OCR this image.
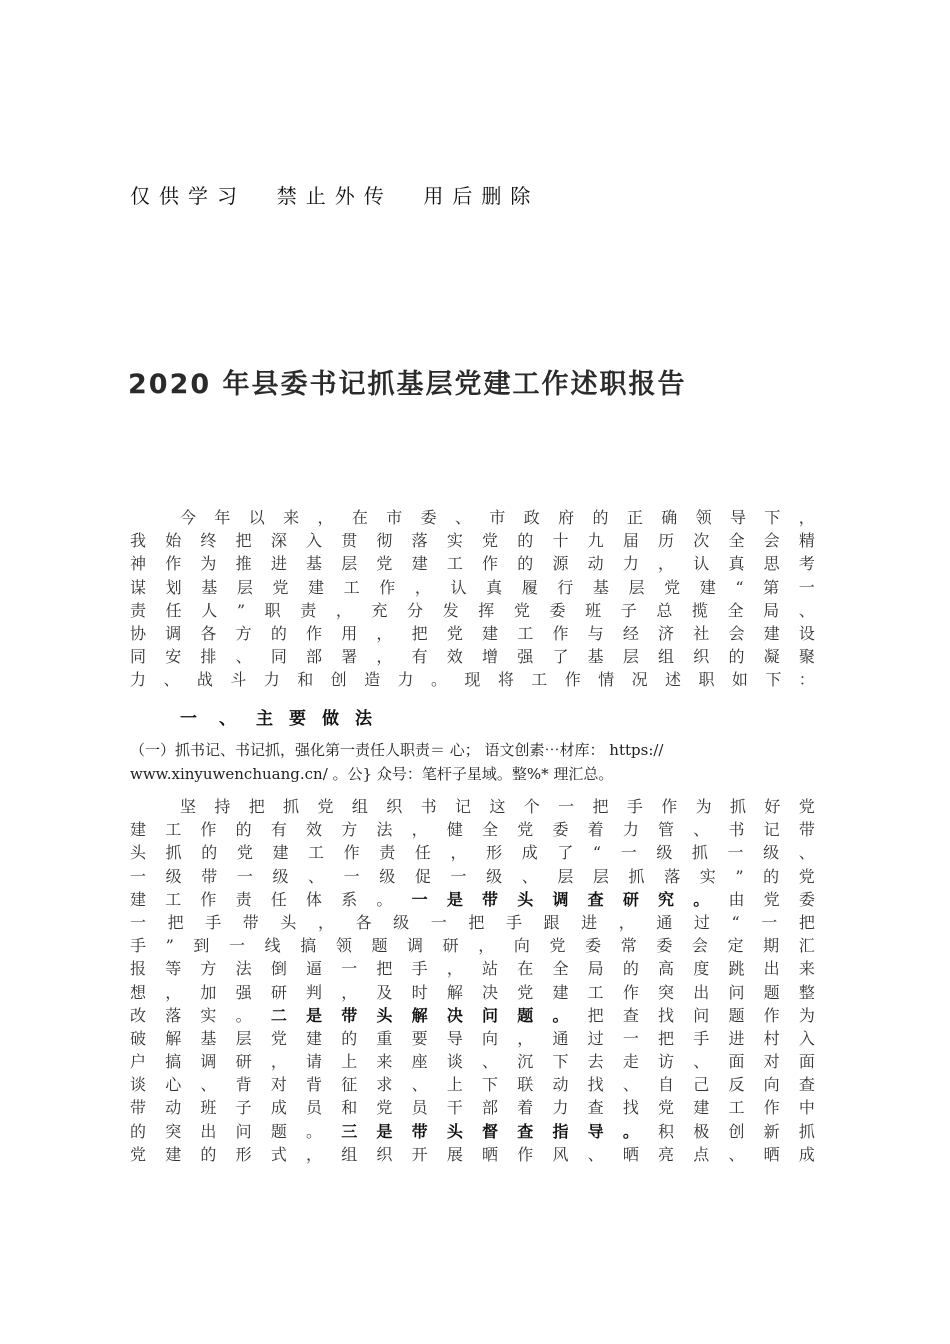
仅供学习  禁止外传  用后删除
2020 年县委书记抓基层党建工作述职报告
今 年 以 来 ， 在 市 委 、 市 政 府 的 正 确 领 导 下 ，
我 始 终 把 深 入 贯 彻 落 实 党 的 十 九 届 历 次 全 会 精
神 作 为 推 进 基 层 党 建 工 作 的 源 动 力 ， 认 真 思 考
谋 划 基 层 党 建 工 作 ， 认 真 履 行 基 层 党 建 “ 第 一
责 任 人 ” 职 责 ， 充 分 发 挥 党 委 班 子 总 揽 全 局 、
协 调 各 方 的 作 用 ， 把 党 建 工 作 与 经 济 社 会 建 设
同 安 排 、 同 部 署 ， 有 效 增 强 了 基 层 组 织 的 凝 聚
力 、 战 斗 力 和 创 造 力 。 现 将 工 作 情 况 述 职 如 下 ：
一 、 主 要 做 法

（一）抓书记、书记抓，强化第一责任人职责＝ 心； 语文创素⋯材库： https://

www.xinyuwenchuang.cn/ 。公} 众号：笔杆子星域。整%* 理汇总。

坚 持 把 抓 党 组 织 书 记 这 个 一 把 手 作 为 抓 好 党
建 工 作 的 有 效 方 法 ， 健 全 党 委 着 力 管 、 书 记 带
头 抓 的 党 建 工 作 责 任 ， 形 成 了 “ 一 级 抓 一 级 、
一 级 带 一 级 、 一 级 促 一 级 、 层 层 抓 落 实 ” 的 党
建 工 作 责 任 体 系 。 一 是 带 头 调 查 研 究 。 由 党 委
一 把 手 带 头 ， 各 级 一 把 手 跟 进 ， 通 过 “ 一 把
手 ” 到 一 线 搞 领 题 调 研 ， 向 党 委 常 委 会 定 期 汇
报 等 方 法 倒 逼 一 把 手 ， 站 在 全 局 的 高 度 跳 出 来
想 ， 加 强 研 判 ， 及 时 解 决 党 建 工 作 突 出 问 题 整
改 落 实 。 二 是 带 头 解 决 问 题 。 把 查 找 问 题 作 为
破 解 基 层 党 建 的 重 要 导 向 ， 通 过 一 把 手 进 村 入
户 搞 调 研 ， 请 上 来 座 谈 、 沉 下 去 走 访 、 面 对 面
谈 心 、 背 对 背 征 求 、 上 下 联 动 找 、 自 己 反 向 查
带 动 班 子 成 员 和 党 员 干 部 着 力 查 找 党 建 工 作 中
的 突 出 问 题 。 三 是 带 头 督 查 指 导 。 积 极 创 新 抓
党 建 的 形 式 ， 组 织 开 展 晒 作 风 、 晒 亮 点 、 晒 成
